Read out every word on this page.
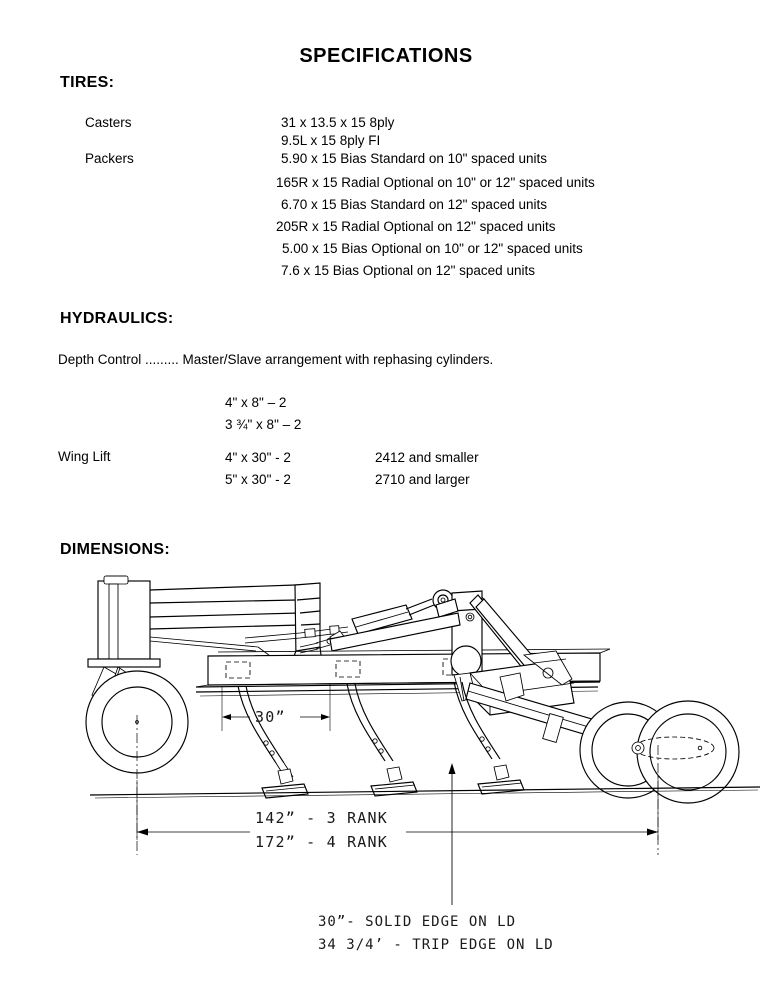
SPECIFICATIONS
TIRES:
Casters	31 x 13.5 x 15 8ply
9.5L x 15 8ply FI
Packers	5.90 x 15 Bias Standard on 10" spaced units
165R x 15 Radial Optional on 10" or 12" spaced units
6.70 x 15 Bias Standard on 12" spaced units
205R x 15 Radial Optional on 12" spaced units
5.00 x 15 Bias Optional on 10" or 12" spaced units
7.6 x 15 Bias Optional on 12" spaced units
HYDRAULICS:
Depth Control ......... Master/Slave arrangement with rephasing cylinders.
4" x 8" – 2
3 ¾" x 8" – 2
Wing Lift	4" x 30" - 2	2412 and smaller
5" x 30" - 2	2710 and larger
DIMENSIONS:
30”
142” - 3 RANK
172” - 4 RANK
30”- SOLID EDGE ON LD
34 3/4’ - TRIP EDGE ON LD
